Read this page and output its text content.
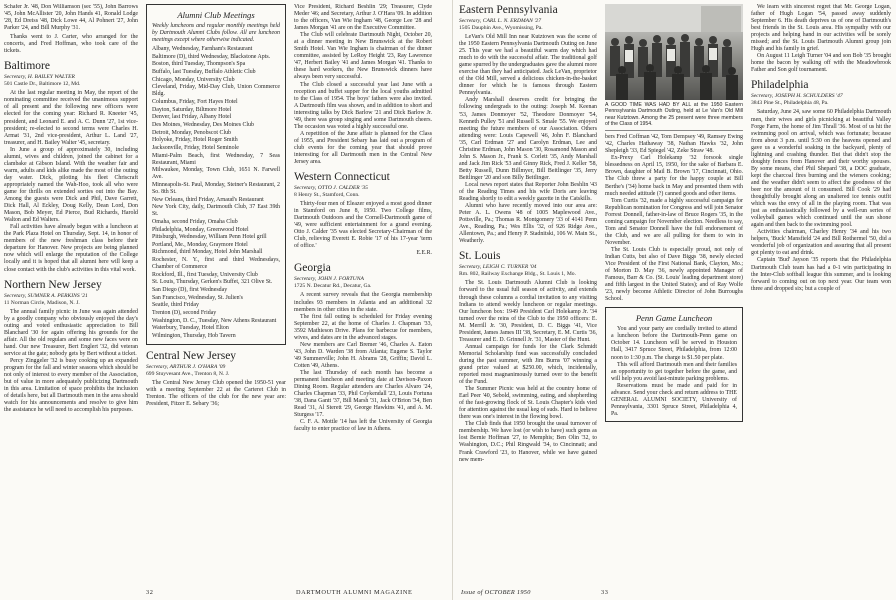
Schafer Jr. '48, Don Williamson (sec '55), John Barrows '45, John McAllister '20, John Hands 41, Ronald Lodge '28, Ed Dreiss '48, Dick Lowe 44, Al Pohnert '27, John Parker '24, and Bill Murphy '31.

Thanks went to J. Carter, who arranged for the concerts, and Fred Hoffman, who took care of the tickets.

Baltimore
Secretary, H. BAILEY WALTER
501 Castle Dr., Baltimore 12, Md.

At the last regular meeting in May, the report of the nominating committee received the unanimous support of all present and the following new officers were elected for the coming year: Richard R. Kneeter '45, president, and Leonard E. and A. C. Dunn '27, 1st vice-president; re-elected to second terms were Charles H. Armat '31, 2nd vice-president, Arthur L. Land '27, treasurer, and H. Bailey Walter '45, secretary.

In June a group of approximately 30, including alumni, wives and children, joined the cabinet for a clambake at Gibson Island. With the weather fair and warm, adults and kids alike made the most of the outing day water. Dick, piloting his fleet Chriscraft appropriately named the Wah-Hoo, took all who were game for thrills on extended sorties out into the Bay. Among the guests were Dick and Phil, Dave Garrett, Dick Hall, Al Eckley, Doug Kelly, Dean Lord, Don Mason, Bob Meyer, Ed Pierce, Bud Richards, Harold Walton and Ed Walters.

Fall activities have already begun with a luncheon at the Park Plaza Hotel on Thursday, Sept. 14, in honor of members of the new freshman class before their departure for Hanover. New projects are being planned now which will enlarge the reputation of the College locally and it is hoped that all alumni here will keep a close contact with the club's activities in this vital work.

Northern New Jersey
Secretary, SUMNER A. PERKINS '21
11 Norman Circle, Madison, N. J.

The annual family picnic in June was again attended by a goodly company who obviously enjoyed the day's outing and voted enthusiastic appreciation to Bill Blanchard '30 for again offering his grounds for the affair. All the old regulars and some new faces were on hand. Our new Treasurer, Bert Englert '32, did veteran service at the gate; nobody gets by Bert without a ticket.

Percy Zinggeler '32 is busy cooking up an expanded program for the fall and winter seasons which should be not only of interest to every member of the Association, but of value in more adequately publicizing Dartmouth in this area. Limitation of space prohibits the inclusion of details here, but all Dartmouth men in the area should watch for his announcements and resolve to give him the assistance he will need to accomplish his purposes.

Alumni Club Meetings

Weekly luncheons and regular monthly meetings held by Dartmouth Alumni Clubs follow. All are luncheon meetings except where otherwise indicated.

Albany, Wednesday, Farnham's Restaurant
Baltimore (D), third Wednesday, Blackstone Apts.
Boston, third Tuesday, Thompson's Spa
Buffalo, last Tuesday, Buffalo Athletic Club
Chicago, Monday, University Club
Cleveland, Friday, Mid-Day Club, Union Commerce Bldg.
Columbus, Friday, Fort Hayes Hotel
Dayton, Saturday, Biltmore Hotel
Denver, last Friday, Albany Hotel
Des Moines, Wednesday, Des Moines Club
Detroit, Monday, Penobscot Club
Holyoke, Friday, Hotel Roger Smith
Jacksonville, Friday, Hotel Seminole
Miami-Palm Beach, first Wednesday, 7 Seas Restaurant, Miami
Milwaukee, Monday, Town Club, 1651 N. Farwell Ave.
Minneapolis-St. Paul, Monday, Steiner's Restaurant, 2 So. 8th St.
New Orleans, third Friday, Arnaud's Restaurant
New York City, daily, Dartmouth Club, 37 East 39th St.
Omaha, second Friday, Omaha Club
Philadelphia, Monday, Greenwood Hotel
Pittsburgh, Wednesday, William Penn Hotel grill
Portland, Me., Monday, Graymore Hotel
Richmond, third Monday, Hotel John Marshall
Rochester, N. Y., first and third Wednesdays, Chamber of Commerce
Rockford, Ill., first Tuesday, University Club
St. Louis, Thursday, Gerken's Buffet, 321 Olive St.
San Diego (D), first Wednesday
San Francisco, Wednesday, St. Julien's
Seattle, third Friday
Trenton (D), second Friday
Washington, D. C., Tuesday, New Athens Restaurant
Waterbury, Tuesday, Hotel Elton
Wilmington, Thursday, Hob Tavern
Central New Jersey
Secretary, ARTHUR J. O'HARA '09
699 Stuyvesant Ave., Trenton 8, N. J.

The Central New Jersey Club opened the 1950-51 year with a meeting September 22 at the Carteret Club in Trenton. The officers of the club for the new year are: President, Fitzer E. Sebary '36;

Vice President, Richard Beshlin '29; Treasurer, Clyde Meder '46; and Secretary, Arthur J. O'Hara '09. In addition to the officers, Van Wie Ingham '48, George Lee '28 and James Morgan '41 are on the Executive Committee.

The Club will celebrate Dartmouth Night, October 20, at a dinner meeting in New Brunswick at the Robert Smith Hotel. Van Wie Ingham is chairman of the dinner committee, assisted by LeRoy Height '23, Ray Lawrence '47, Herbert Bailey '41 and James Morgan '41. Thanks to these hard workers, the New Brunswick dinners have always been very successful.

The Club closed a successful year last June with a reception and buffet supper for the local youths admitted to the Class of 1954. The boys' fathers were also invited. A Dartmouth film was shown, and in addition to short and interesting talks by Dick Barlow '21 and Dick Barlow Jr. '49, there was group singing and some Dartmouth cheers. The occasion was voted a highly successful one.

A repetition of the June affair is planned for the Class of 1955, and President Sebary has laid out a program of club events for the coming year that should prove interesting for all Dartmouth men in the Central New Jersey area.

Western Connecticut
Secretary, OTTO J. CALDER '35
8 Henry St., Stamford, Conn.

Thirty-four men of Eleazer enjoyed a most good dinner in Stamford on June 8, 1950. Two College films, Dartmouth Outdoors and the Cornell-Dartmouth game of '49, were sufficient entertainment for a grand evening. Otto J. Calder '35 was elected Secretary-Chairman of the Club, relieving Everett E. Robie '17 of his 17-year 'term of office.'

E.E.R.

Georgia
Secretary, JOHN J. FORTUNA
1725 N. Decatur Rd., Decatur, Ga.

A recent survey reveals that the Georgia membership includes 93 members in Atlanta and an additional 32 members in other cities in the state.

The first fall outing is scheduled for Friday evening September 22, at the home of Charles J. Chapman '33, 3592 Mathieson Drive. Plans for barbecue for members, wives, and dates are in the advanced stages.

New members are Carl Bremer '46, Charles A. Eaton '43, John D. Warden '38 from Atlanta; Eugene S. Taylor '49 Summerville; John H. Abrams '28, Griffin; David L. Cotten '49, Athens.

The last Thursday of each month has become a permanent luncheon and meeting date at Davison-Paxon Dining Room. Regular attenders are Charles Alvaro '24, Charles Chapman '33, Phil Coykendall '23, Louis Fortuna '38, Dana Gantt '37, Bill Marsh '31, Jack O'Brion '34, Ben Read '31, Al Sterett '29, George Hawkins '41, and A. M. Sturgess '17.

C. F. A. Mottle '14 has left the University of Georgia faculty to enter practice of law in Athens.

32	DARTMOUTH ALUMNI MAGAZINE
Eastern Pennsylvania
Secretary, CARL L. N. ERDMAN '27
1505 Dauphin Ave., Wyomissing, Pa.

LeVan's Old Mill Inn near Kutztown was the scene of the 1950 Eastern Pennsylvania Dartmouth Outing on June 25. This year we had a beautiful warm day which had much to do with the successful affair. The traditional golf game spurred by the undergraduates gave the alumni more exercise than they had anticipated. Jack LeVan, proprietor of the Old Mill, served a delicious chicken-in-the-basket dinner for which he is famous through Eastern Pennsylvania.

Andy Marshall deserves credit for bringing the following undergrads to the outing: Joseph M. Keenan '53, James Donmoyer '52, Theodore Donmoyer '54, Kenneth Pulley '51 and Russell S. Smale '55. We enjoyed meeting the future members of our Association. Others attending were: Louis Capewell '46, John F. Blanchard '35, Carl Erdman '27 and Carolyn Erdman, Lee and Christine Erdman, John Mason '30, Rosamond Mason and John S. Mason Jr., Frank S. Corlett '35, Andy Marshall and Jack Jim Rick '53 and Ginny Rick, Fred J. Keller '58, Betty Russell, Dunn Billmyer, Bill Beitlinger '35, Jerry Beitlinger '20 and son Billy Beitlinger.

Local news report states that Reporter John Beshlin '43 of the Reading Times and his wife Doris are leaving Reading shortly to edit a weekly gazette in the Catskills.

Alumni who have recently moved into our area are: Peter A. L. Owens '48 of 1005 Maplewood Ave., Pottsville, Pa.; Thomas R. Montgomery '33 of 4141 Penn Ave., Reading, Pa.; Wes Ellis '32, of 926 Ridge Ave., Allentown, Pa.; and Henry P. Stadnitski, 106 W. Main St., Weatherly.

St. Louis
Secretary, LEIGH C. TURNER '04
Rm. 802, Railway Exchange Bldg., St. Louis 1, Mo.

The St. Louis Dartmouth Alumni Club is looking forward to the usual full season of activity, and extends through these columns a cordial invitation to any visiting Indians to attend weekly luncheon or regular meetings. Our luncheon box: 1949 President Carl Holekamp Jr. '34 turned over the reins of the Club to the 1950 officers: E. M. Merrill Jr. '30, President, D. C. Biggs '41, Vice President, James James III '38, Secretary, E. M. Curtis '36, Treasurer and E. D. Grinnell Jr. '31, Master of the Hunt.

Annual campaign for funds for the Clark Schmidt Memorial Scholarship fund was successfully concluded during the past summer, with Jim Burns '07 winning a grand prize valued at $250.00, which, incidentally, reported most magnanimously turned over to the benefit of the Fund.

The Summer Picnic was held at the country home of Earl Peer '40, Sebold, swimming, eating, and shepherding of the fast-growing flock of St. Louis Chapter's kids vied for attention against the usual keg of suds. Hard to believe there was one's interest in the flowing bowl.

The Club finds that 1950 brought the usual turnover of membership. We have lost (or wish to have) such gems as lost Bernie Hoffman '27, to Memphis; Ben Olin '32, to Washington, D.C.; Phil Ringwald '34, to Cincinnati; and Frank Crawford '23, to Hanover, while we have gained new mem-

A GOOD TIME WAS HAD BY ALL at the 1950 Eastern Pennsylvania Dartmouth Outing, held at Le Van's Old Mill near Kutztown. Among the 25 present were three members of the Class of 1954.

bers Fred Coffman '42, Tom Dempsey '49, Ramsey Ewing '42, Charles Hathaway '38, Nathan Hawks '32, John Shepleigh '33, Ed Spiegel '42, Zeke Straw '48.

Ex-Prexy Carl Holekamp '32 forsook single blessedness on April 15, 1950, for the sake of Barbara E. Brown, daughter of Mail B. Brown '17, Cincinnati, Ohio. The Club threw a party for the happy couple at Bill Berthe's ('34) home back in May and presented them with much needed attitude (?) canned goods and other items.

Tom Curtis '32, made a highly successful campaign for Republican nomination for Congress and will join Senator Forrest Donnell, father-in-law of Bruce Rogers '35, in the coming campaign for November election. Needless to say, Tom and Senator Donnell have the full endorsement of the Club, and we are all pulling for them to win in November.

The St. Louis Club is especially proud, not only of Indian Cutts, but also of Dave Biggs '38, newly elected Vice President of the First National Bank, Clayton, Mo.; of Morton D. May '36, newly appointed Manager of Famous, Barr & Co. (St. Louis' leading department store) and fifth largest in the United States); and of Ray Wolfe '23, newly become Athletic Director of John Burroughs School.

Penn Game Luncheon

You and your party are cordially invited to attend a luncheon before the Dartmouth-Penn game on October 14. Luncheon will be served in Houston Hall, 3417 Spruce Street, Philadelphia, from 12:00 noon to 1:30 p.m. The charge is $1.50 per plate.

This will afford Dartmouth men and their families an opportunity to get together before the game, and will help you avoid last-minute parking problems.

Reservations must be made and paid for in advance. Send your check and return address to THE GENERAL ALUMNI SOCIETY, University of Pennsylvania, 3301 Spruce Street, Philadelphia 4, Pa.

We learn with sincerest regret that Mr. George Logan, father of Hugh Logan '54, passed away suddenly September 6. His death deprives us of one of Dartmouth's best friends in the St. Louis area. His sympathy with our projects and helping hand in our activities will be sorely missed; and the St. Louis Dartmouth Alumni group join Hugh and his family in grief.

On August 11 Leigh Turner '04 and son Bob '35 brought home the bacon by walking off with the Meadowbrook Father and Son golf tournament.

Philadelphia
Secretary, JOSEPH H. SCHULDERS '47
3843 Pine St., Philadelphia 48, Pa.

Saturday, June 24, saw some 60 Philadelphia Dartmouth men, their wives and girls picnicking at beautiful Valley Forge Farm, the home of Jim Thrall '36. Most of us hit the swimming pool on arrival, which was fortunate; because from about 3 p.m. until 5:30 on the heavens opened and gave us a wonderful soaking in the backyard, plenty of lightning and crashing thunder. But that didn't stop the doughty fences from Hanover and their worthy spouses. By some means, chef Phil Shepard '38, a DOC graduate, kept the charcoal fires burning and the wieners cooking; and the weather didn't seem to affect the goodness of the beer nor the amount of it consumed. Bill Cook '29 had thoughtfully brought along an unaltered ice tennis outfit which was the envy of all in the playing room. That was just as enthusiastically followed by a well-run series of volleyball games which continued until the sun shone again and then back to the swimming pool.

Activities chairman, Charley Henry '34 and his two helpers, 'Buck' Mansfield '24 and Bill Rothermel '50, did a wonderful job of organization and assuring that all present got plenty to eat and drink.

Captain 'Bud' Jayson '35 reports that the Philadelphia Dartmouth Club team has had a 0-1 win participating in the Inter-Club softball league this summer, and is looking forward to coming out on top next year. Our team won three and dropped six; but a couple of

Issue of OCTOBER 1950	33
